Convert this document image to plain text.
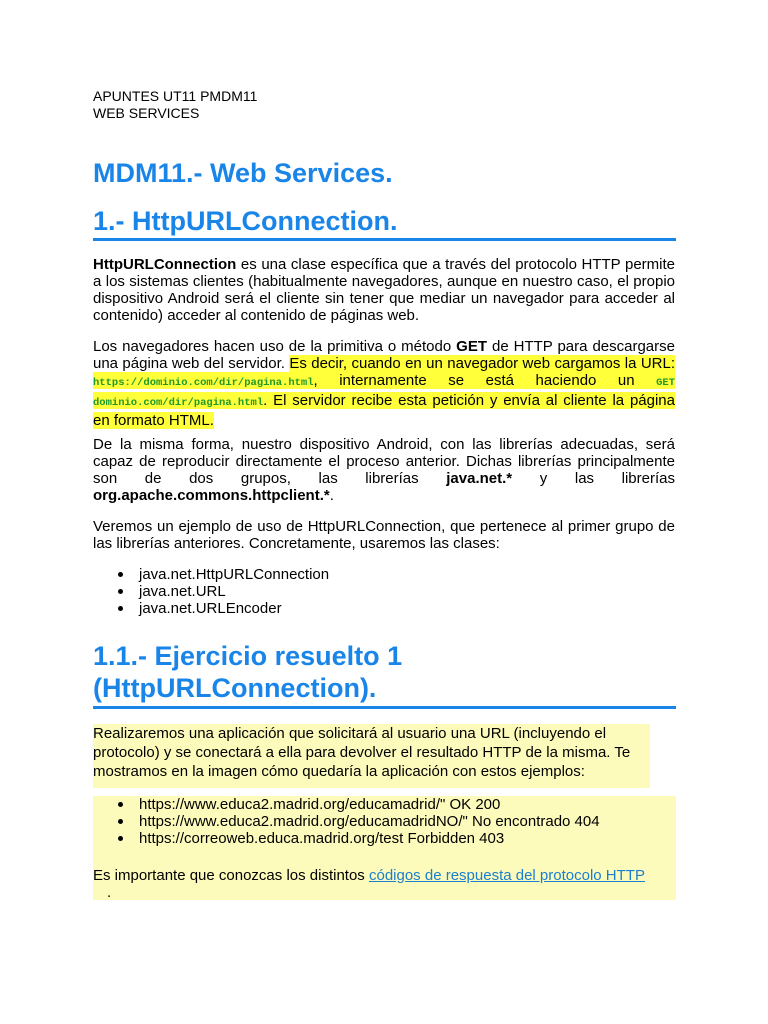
APUNTES UT11 PMDM11
WEB SERVICES
MDM11.- Web Services.
1.- HttpURLConnection.

HttpURLConnection es una clase específica que a través del protocolo HTTP permite a los sistemas clientes (habitualmente navegadores, aunque en nuestro caso, el propio dispositivo Android será el cliente sin tener que mediar un navegador para acceder al contenido) acceder al contenido de páginas web.

Los navegadores hacen uso de la primitiva o método GET de HTTP para descargarse una página web del servidor. Es decir, cuando en un navegador web cargamos la URL: https://dominio.com/dir/pagina.html, internamente se está haciendo un GET dominio.com/dir/pagina.html. El servidor recibe esta petición y envía al cliente la página en formato HTML.

De la misma forma, nuestro dispositivo Android, con las librerías adecuadas, será capaz de reproducir directamente el proceso anterior. Dichas librerías principalmente son de dos grupos, las librerías java.net.* y las librerías org.apache.commons.httpclient.*.

Veremos un ejemplo de uso de HttpURLConnection, que pertenece al primer grupo de las librerías anteriores. Concretamente, usaremos las clases:

java.net.HttpURLConnection
java.net.URL
java.net.URLEncoder
1.1.- Ejercicio resuelto 1
(HttpURLConnection).

Realizaremos una aplicación que solicitará al usuario una URL (incluyendo el protocolo) y se conectará a ella para devolver el resultado HTTP de la misma. Te mostramos en la imagen cómo quedaría la aplicación con estos ejemplos:

https://www.educa2.madrid.org/educamadrid/" OK 200
https://www.educa2.madrid.org/educamadridNO/" No encontrado 404
https://correoweb.educa.madrid.org/test Forbidden 403
Es importante que conozcas los distintos códigos de respuesta del protocolo HTTP
.
